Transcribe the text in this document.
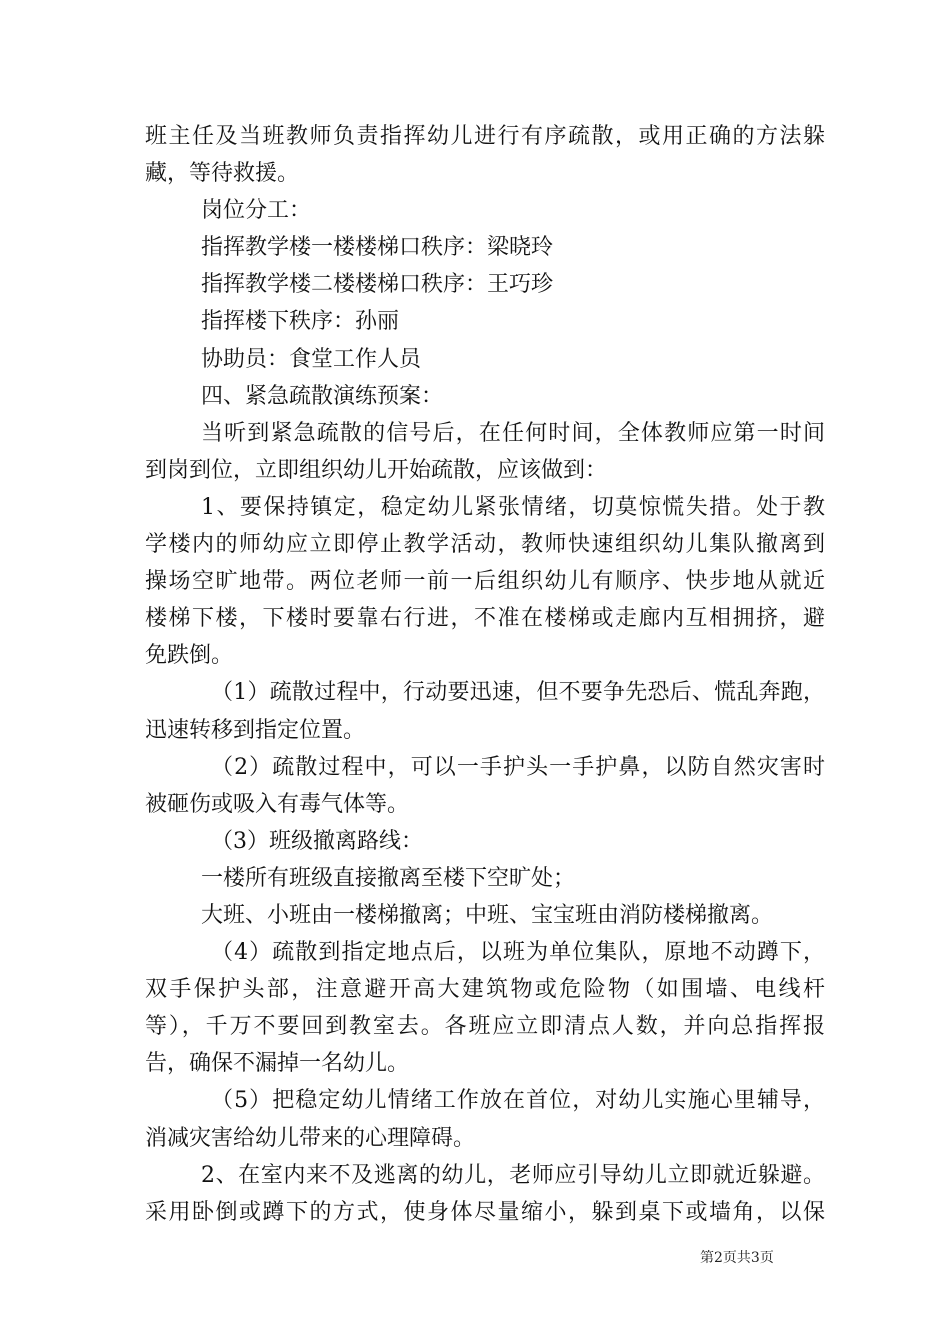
班主任及当班教师负责指挥幼儿进行有序疏散，或用正确的方法躲
藏，等待救援。
岗位分工：
指挥教学楼一楼楼梯口秩序：梁晓玲
指挥教学楼二楼楼梯口秩序：王巧珍
指挥楼下秩序：孙丽
协助员：食堂工作人员
四、紧急疏散演练预案：
当听到紧急疏散的信号后，在任何时间，全体教师应第一时间
到岗到位，立即组织幼儿开始疏散，应该做到：
1、要保持镇定，稳定幼儿紧张情绪，切莫惊慌失措。处于教
学楼内的师幼应立即停止教学活动，教师快速组织幼儿集队撤离到
操场空旷地带。两位老师一前一后组织幼儿有顺序、快步地从就近
楼梯下楼，下楼时要靠右行进，不准在楼梯或走廊内互相拥挤，避
免跌倒。
（1）疏散过程中，行动要迅速，但不要争先恐后、慌乱奔跑，
迅速转移到指定位置。
（2）疏散过程中，可以一手护头一手护鼻，以防自然灾害时
被砸伤或吸入有毒气体等。
（3）班级撤离路线：
一楼所有班级直接撤离至楼下空旷处；
大班、小班由一楼梯撤离；中班、宝宝班由消防楼梯撤离。
（4）疏散到指定地点后，以班为单位集队，原地不动蹲下，
双手保护头部，注意避开高大建筑物或危险物（如围墙、电线杆
等），千万不要回到教室去。各班应立即清点人数，并向总指挥报
告，确保不漏掉一名幼儿。
（5）把稳定幼儿情绪工作放在首位，对幼儿实施心里辅导，
消减灾害给幼儿带来的心理障碍。
2、在室内来不及逃离的幼儿，老师应引导幼儿立即就近躲避。
采用卧倒或蹲下的方式，使身体尽量缩小，躲到桌下或墙角，以保
第2页共3页
